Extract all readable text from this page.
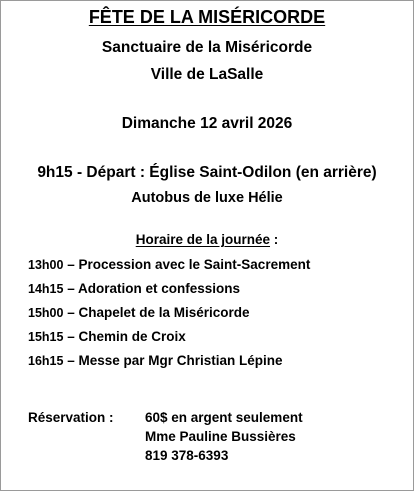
FÊTE DE LA MISÉRICORDE

Sanctuaire de la Miséricorde

Ville de LaSalle

Dimanche 12 avril 2026

9h15 - Départ : Église Saint-Odilon (en arrière)

Autobus de luxe Hélie

Horaire de la journée :

13h00 – Procession avec le Saint-Sacrement
14h15 – Adoration et confessions
15h00 – Chapelet de la Miséricorde
15h15 – Chemin de Croix
16h15 – Messe par Mgr Christian Lépine
Réservation : 60$ en argent seulement
Mme Pauline Bussières
819 378-6393
